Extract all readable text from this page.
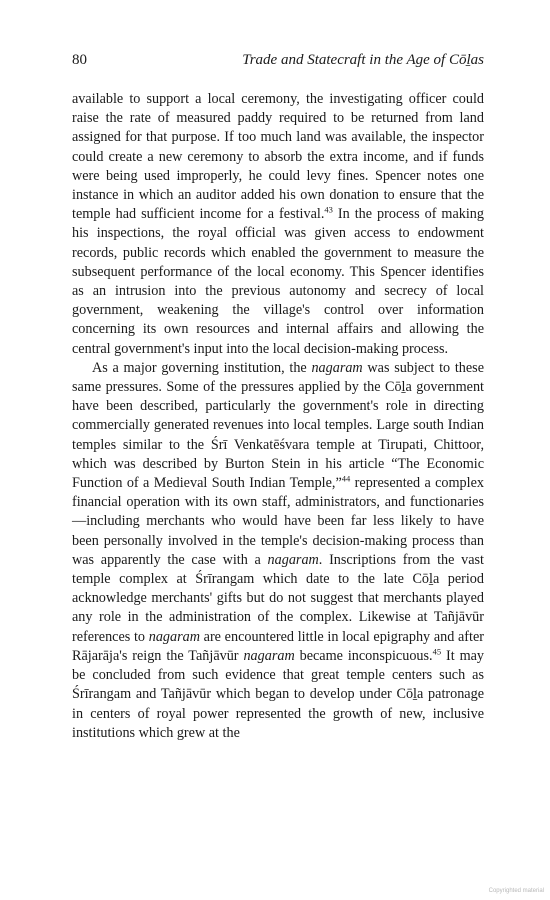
80	Trade and Statecraft in the Age of Cōḻas

available to support a local ceremony, the investigating officer could raise the rate of measured paddy required to be returned from land assigned for that purpose. If too much land was available, the inspector could create a new ceremony to absorb the extra income, and if funds were being used improperly, he could levy fines. Spencer notes one instance in which an auditor added his own donation to ensure that the temple had sufficient income for a festival.$^{43}$ In the process of making his inspections, the royal official was given access to endowment records, public records which enabled the government to measure the subsequent performance of the local economy. This Spencer identifies as an intrusion into the previous autonomy and secrecy of local government, weakening the village's control over information concerning its own resources and internal affairs and allowing the central government's input into the local decision-making process.

As a major governing institution, the nagaram was subject to these same pressures. Some of the pressures applied by the Cōḻa government have been described, particularly the government's role in directing commercially generated revenues into local temples. Large south Indian temples similar to the Śrī Venkatēśvara temple at Tirupati, Chittoor, which was described by Burton Stein in his article “The Economic Function of a Medieval South Indian Temple,”$^{44}$ represented a complex financial operation with its own staff, administrators, and functionaries—including merchants who would have been far less likely to have been personally involved in the temple's decision-making process than was apparently the case with a nagaram. Inscriptions from the vast temple complex at Śrīrangam which date to the late Cōḻa period acknowledge merchants' gifts but do not suggest that merchants played any role in the administration of the complex. Likewise at Tañjāvūr references to nagaram are encountered little in local epigraphy and after Rājarāja's reign the Tañjāvūr nagaram became inconspicuous.$^{45}$ It may be concluded from such evidence that great temple centers such as Śrīrangam and Tañjāvūr which began to develop under Cōḻa patronage in centers of royal power represented the growth of new, inclusive institutions which grew at the

Copyrighted material
